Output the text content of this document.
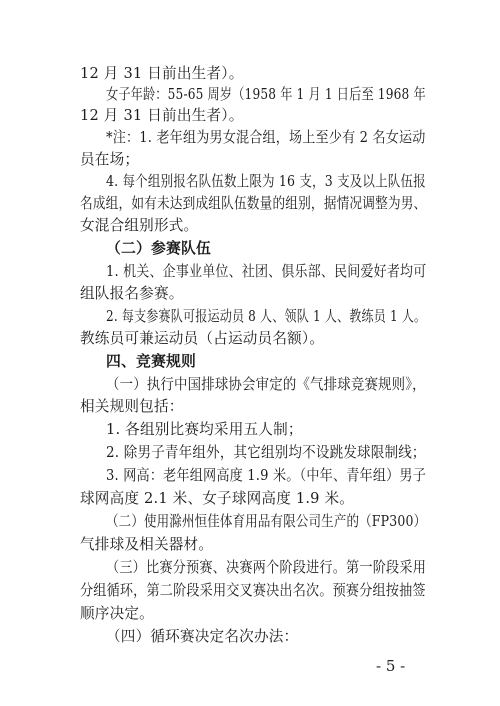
12 月 31 日前出生者）。
女子年龄：55-65 周岁（1958 年 1 月 1 日后至 1968 年
12 月 31 日前出生者）。
*注：1. 老年组为男女混合组，场上至少有 2 名女运动
员在场；
4. 每个组别报名队伍数上限为 16 支，3 支及以上队伍报
名成组，如有未达到成组队伍数量的组别，据情况调整为男、
女混合组别形式。
（二）参赛队伍
1. 机关、企事业单位、社团、俱乐部、民间爱好者均可
组队报名参赛。
2. 每支参赛队可报运动员 8 人、领队 1 人、教练员 1 人。
教练员可兼运动员（占运动员名额）。
四、竞赛规则
（一）执行中国排球协会审定的《气排球竞赛规则》，
相关规则包括：
1. 各组别比赛均采用五人制；
2. 除男子青年组外，其它组别均不设跳发球限制线；
3. 网高：老年组网高度 1.9 米。（中年、青年组）男子
球网高度 2.1 米、女子球网高度 1.9 米。
（二）使用滁州恒佳体育用品有限公司生产的（FP300）
气排球及相关器材。
（三）比赛分预赛、决赛两个阶段进行。第一阶段采用
分组循环，第二阶段采用交叉赛决出名次。预赛分组按抽签
顺序决定。
（四）循环赛决定名次办法：
- 5 -
